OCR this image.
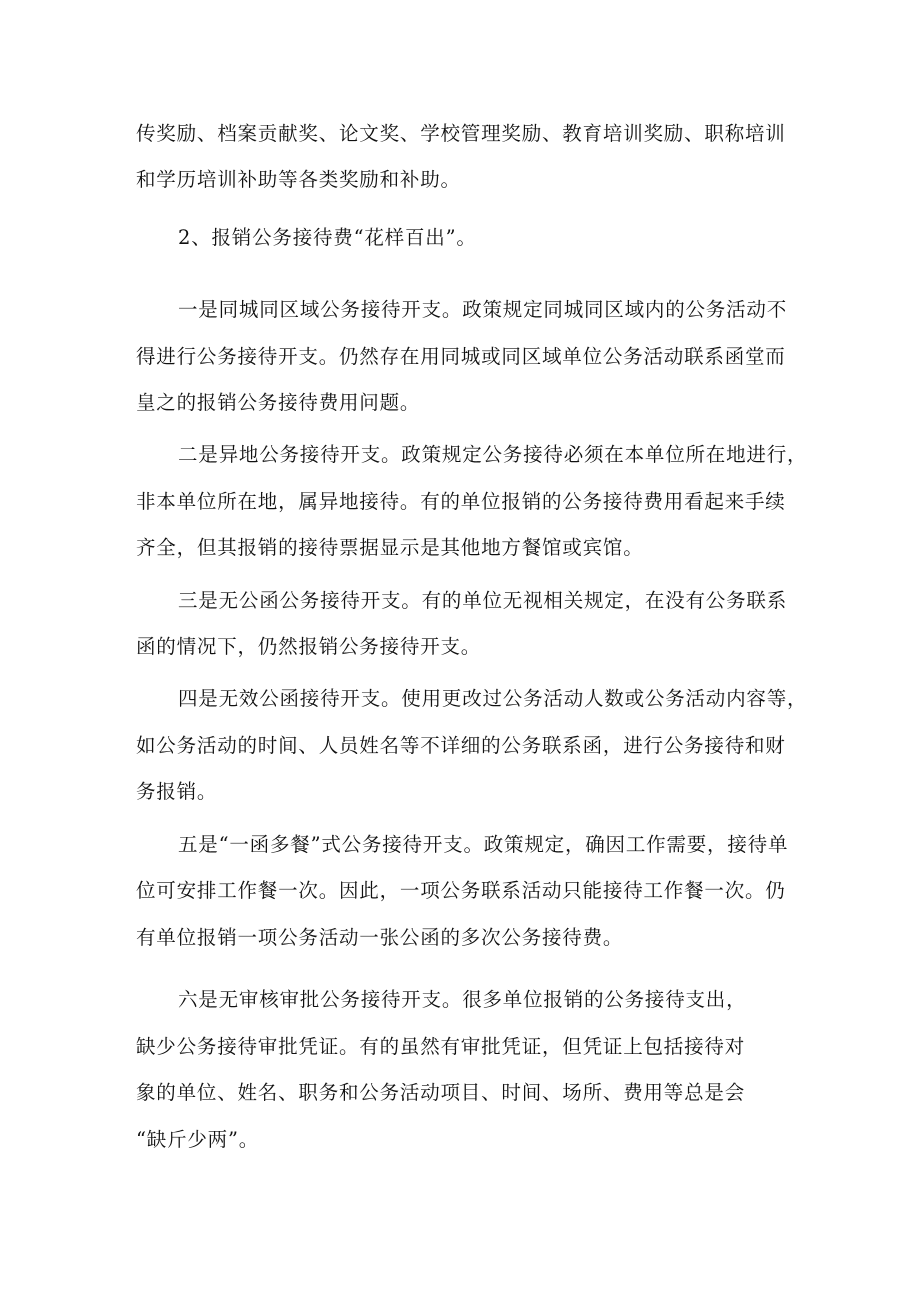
传奖励、档案贡献奖、论文奖、学校管理奖励、教育培训奖励、职称培训

和学历培训补助等各类奖励和补助。

2、报销公务接待费“花样百出”。

一是同城同区域公务接待开支。政策规定同城同区域内的公务活动不

得进行公务接待开支。仍然存在用同城或同区域单位公务活动联系函堂而

皇之的报销公务接待费用问题。

二是异地公务接待开支。政策规定公务接待必须在本单位所在地进行，

非本单位所在地，属异地接待。有的单位报销的公务接待费用看起来手续

齐全，但其报销的接待票据显示是其他地方餐馆或宾馆。

三是无公函公务接待开支。有的单位无视相关规定，在没有公务联系

函的情况下，仍然报销公务接待开支。

四是无效公函接待开支。使用更改过公务活动人数或公务活动内容等，

如公务活动的时间、人员姓名等不详细的公务联系函，进行公务接待和财

务报销。

五是“一函多餐”式公务接待开支。政策规定，确因工作需要，接待单

位可安排工作餐一次。因此，一项公务联系活动只能接待工作餐一次。仍

有单位报销一项公务活动一张公函的多次公务接待费。

六是无审核审批公务接待开支。很多单位报销的公务接待支出，

缺少公务接待审批凭证。有的虽然有审批凭证，但凭证上包括接待对

象的单位、姓名、职务和公务活动项目、时间、场所、费用等总是会

“缺斤少两”。
